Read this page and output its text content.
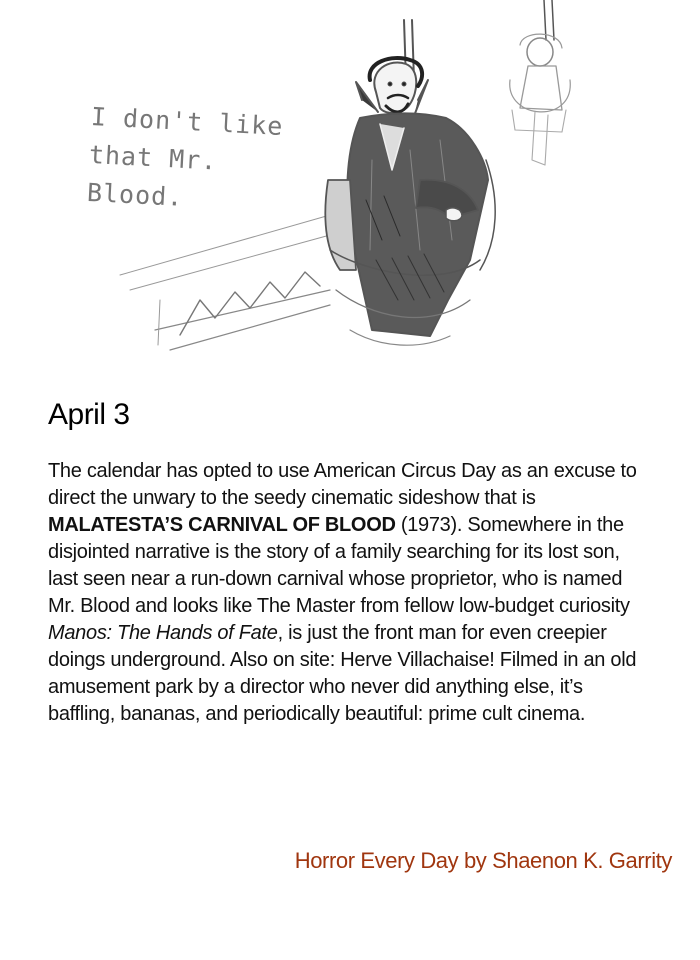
I don't like
that Mr. Blood.
April 3

The calendar has opted to use American Circus Day as an excuse to direct the unwary to the seedy cinematic sideshow that is MALATESTA’S CARNIVAL OF BLOOD (1973). Somewhere in the disjointed narrative is the story of a family searching for its lost son, last seen near a run-down carnival whose proprietor, who is named Mr. Blood and looks like The Master from fellow low-budget curiosity Manos: The Hands of Fate, is just the front man for even creepier doings underground. Also on site: Herve Villachaise! Filmed in an old amusement park by a director who never did anything else, it’s baffling, bananas, and periodically beautiful: prime cult cinema.

Horror Every Day by Shaenon K. Garrity
